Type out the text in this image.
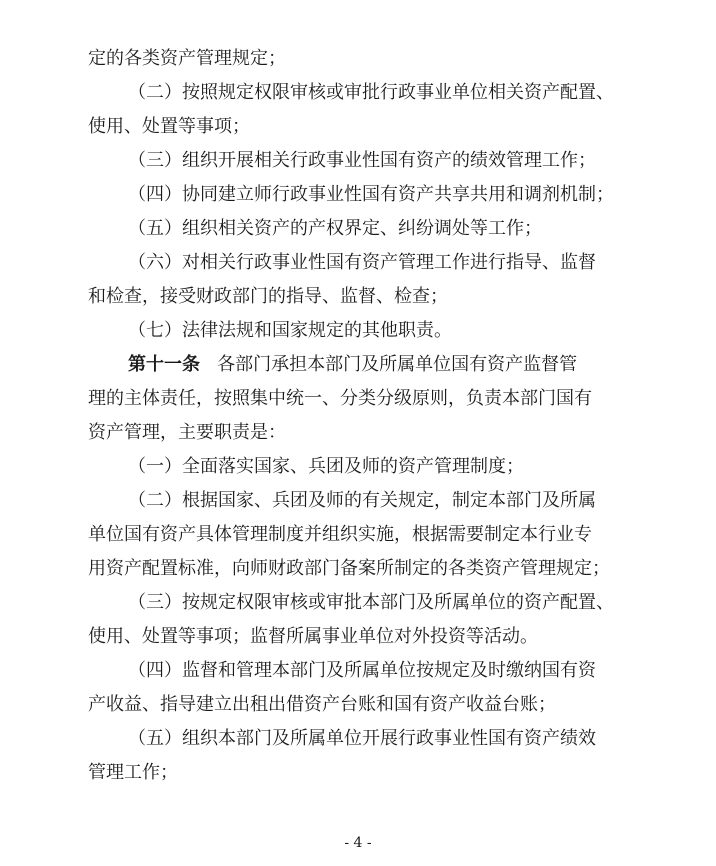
定的各类资产管理规定；
（二）按照规定权限审核或审批行政事业单位相关资产配置、
使用、处置等事项；
（三）组织开展相关行政事业性国有资产的绩效管理工作；
（四）协同建立师行政事业性国有资产共享共用和调剂机制；
（五）组织相关资产的产权界定、纠纷调处等工作；
（六）对相关行政事业性国有资产管理工作进行指导、监督
和检查，接受财政部门的指导、监督、检查；
（七）法律法规和国家规定的其他职责。
第十一条 各部门承担本部门及所属单位国有资产监督管
理的主体责任，按照集中统一、分类分级原则，负责本部门国有
资产管理，主要职责是：
（一）全面落实国家、兵团及师的资产管理制度；
（二）根据国家、兵团及师的有关规定，制定本部门及所属
单位国有资产具体管理制度并组织实施，根据需要制定本行业专
用资产配置标准，向师财政部门备案所制定的各类资产管理规定；
（三）按规定权限审核或审批本部门及所属单位的资产配置、
使用、处置等事项；监督所属事业单位对外投资等活动。
（四）监督和管理本部门及所属单位按规定及时缴纳国有资
产收益、指导建立出租出借资产台账和国有资产收益台账；
（五）组织本部门及所属单位开展行政事业性国有资产绩效
管理工作；
- 4 -
